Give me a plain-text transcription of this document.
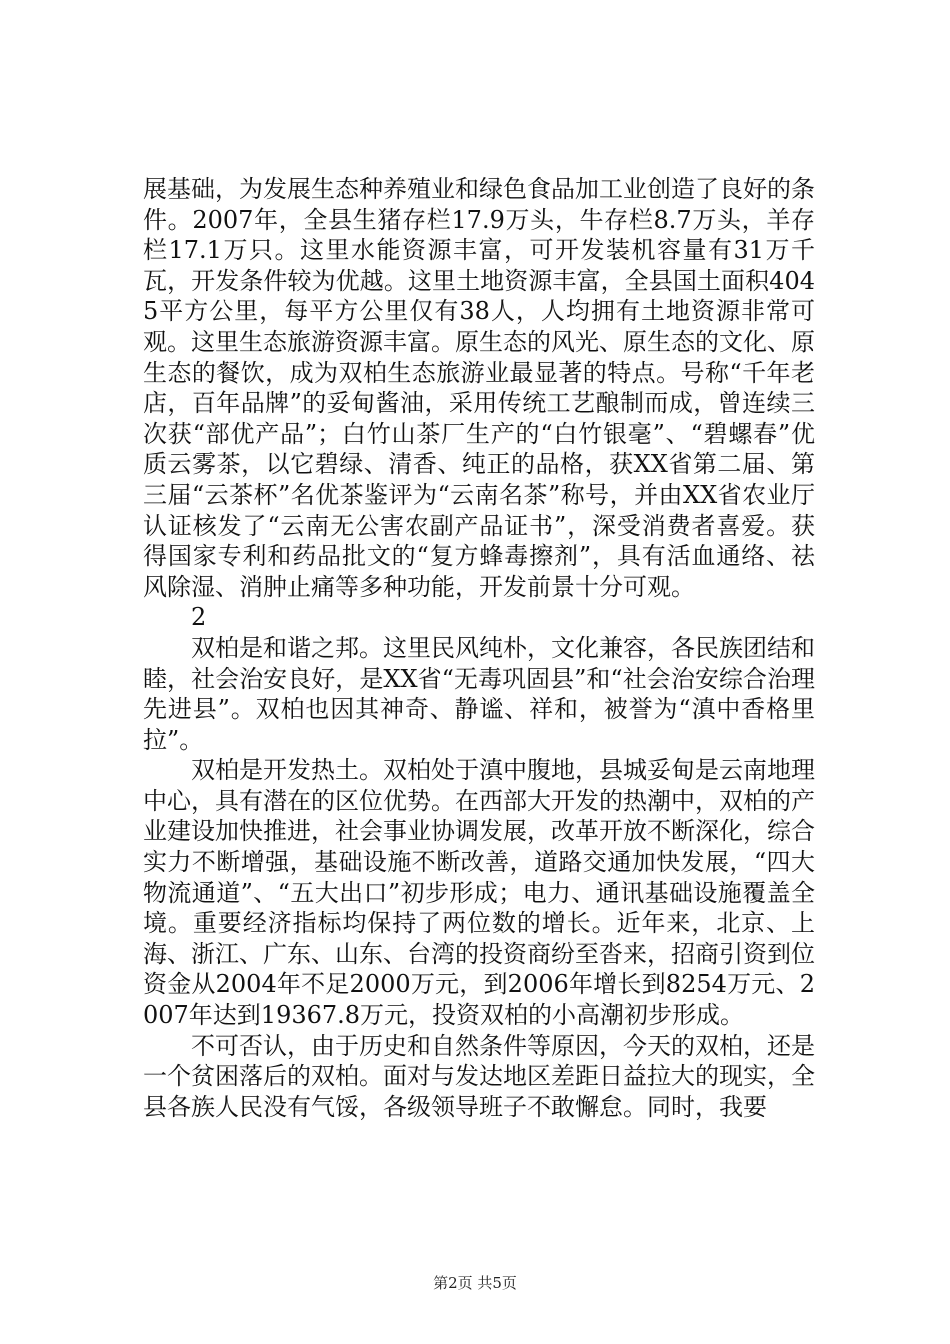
展基础，为发展生态种养殖业和绿色食品加工业创造了良好的条件。2007年，全县生猪存栏17.9万头，牛存栏8.7万头，羊存栏17.1万只。这里水能资源丰富，可开发装机容量有31万千瓦，开发条件较为优越。这里土地资源丰富，全县国土面积4045平方公里，每平方公里仅有38人，人均拥有土地资源非常可观。这里生态旅游资源丰富。原生态的风光、原生态的文化、原生态的餐饮，成为双柏生态旅游业最显著的特点。号称“千年老店，百年品牌”的妥甸酱油，采用传统工艺酿制而成，曾连续三次获“部优产品”；白竹山茶厂生产的“白竹银毫”、“碧螺春”优质云雾茶，以它碧绿、清香、纯正的品格，获XX省第二届、第三届“云茶杯”名优茶鉴评为“云南名茶”称号，并由XX省农业厅认证核发了“云南无公害农副产品证书”，深受消费者喜爱。获得国家专利和药品批文的“复方蜂毒擦剂”，具有活血通络、祛风除湿、消肿止痛等多种功能，开发前景十分可观。

2

双柏是和谐之邦。这里民风纯朴，文化兼容，各民族团结和睦，社会治安良好，是XX省“无毒巩固县”和“社会治安综合治理先进县”。双柏也因其神奇、静谧、祥和，被誉为“滇中香格里拉”。

双柏是开发热土。双柏处于滇中腹地，县城妥甸是云南地理中心，具有潜在的区位优势。在西部大开发的热潮中，双柏的产业建设加快推进，社会事业协调发展，改革开放不断深化，综合实力不断增强，基础设施不断改善，道路交通加快发展，“四大物流通道”、“五大出口”初步形成；电力、通讯基础设施覆盖全境。重要经济指标均保持了两位数的增长。近年来，北京、上海、浙江、广东、山东、台湾的投资商纷至沓来，招商引资到位资金从2004年不足2000万元，到2006年增长到8254万元、2007年达到19367.8万元，投资双柏的小高潮初步形成。

不可否认，由于历史和自然条件等原因，今天的双柏，还是一个贫困落后的双柏。面对与发达地区差距日益拉大的现实，全县各族人民没有气馁，各级领导班子不敢懈怠。同时，我要

第2页 共5页
